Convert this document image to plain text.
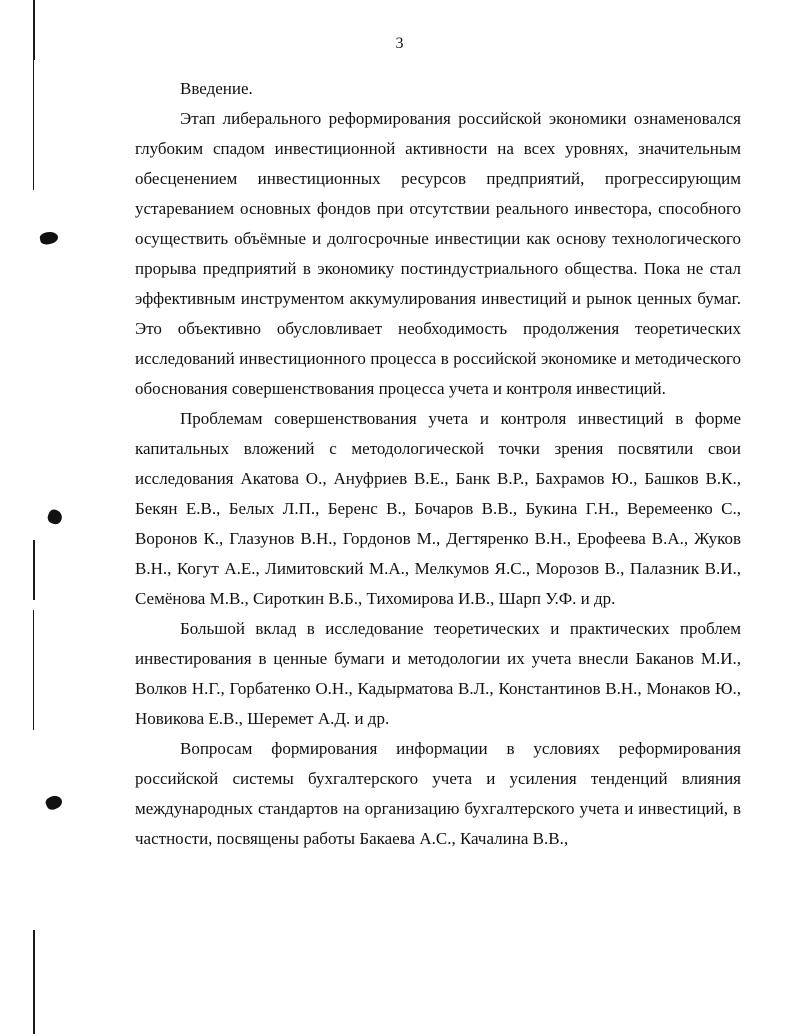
3

Введение.

Этап либерального реформирования российской экономики ознаменовался глубоким спадом инвестиционной активности на всех уровнях, значительным обесценением инвестиционных ресурсов предприятий, прогрессирующим устареванием основных фондов при отсутствии реального инвестора, способного осуществить объёмные и долгосрочные инвестиции как основу технологического прорыва предприятий в экономику постиндустриального общества. Пока не стал эффективным инструментом аккумулирования инвестиций и рынок ценных бумаг. Это объективно обусловливает необходимость продолжения теоретических исследований инвестиционного процесса в российской экономике и методического обоснования совершенствования процесса учета и контроля инвестиций.

Проблемам совершенствования учета и контроля инвестиций в форме капитальных вложений с методологической точки зрения посвятили свои исследования Акатова О., Ануфриев В.Е., Банк В.Р., Бахрамов Ю., Башков В.К., Бекян Е.В., Белых Л.П., Беренс В., Бочаров В.В., Букина Г.Н., Веремеенко С., Воронов К., Глазунов В.Н., Гордонов М., Дегтяренко В.Н., Ерофеева В.А., Жуков В.Н., Когут А.Е., Лимитовский М.А., Мелкумов Я.С., Морозов В., Палазник В.И., Семёнова М.В., Сироткин В.Б., Тихомирова И.В., Шарп У.Ф. и др.

Большой вклад в исследование теоретических и практических проблем инвестирования в ценные бумаги и методологии их учета внесли Баканов М.И., Волков Н.Г., Горбатенко О.Н., Кадырматова В.Л., Константинов В.Н., Монаков Ю., Новикова Е.В., Шеремет А.Д. и др.

Вопросам формирования информации в условиях реформирования российской системы бухгалтерского учета и усиления тенденций влияния международных стандартов на организацию бухгалтерского учета и инвестиций, в частности, посвящены работы Бакаева А.С., Качалина В.В.,
